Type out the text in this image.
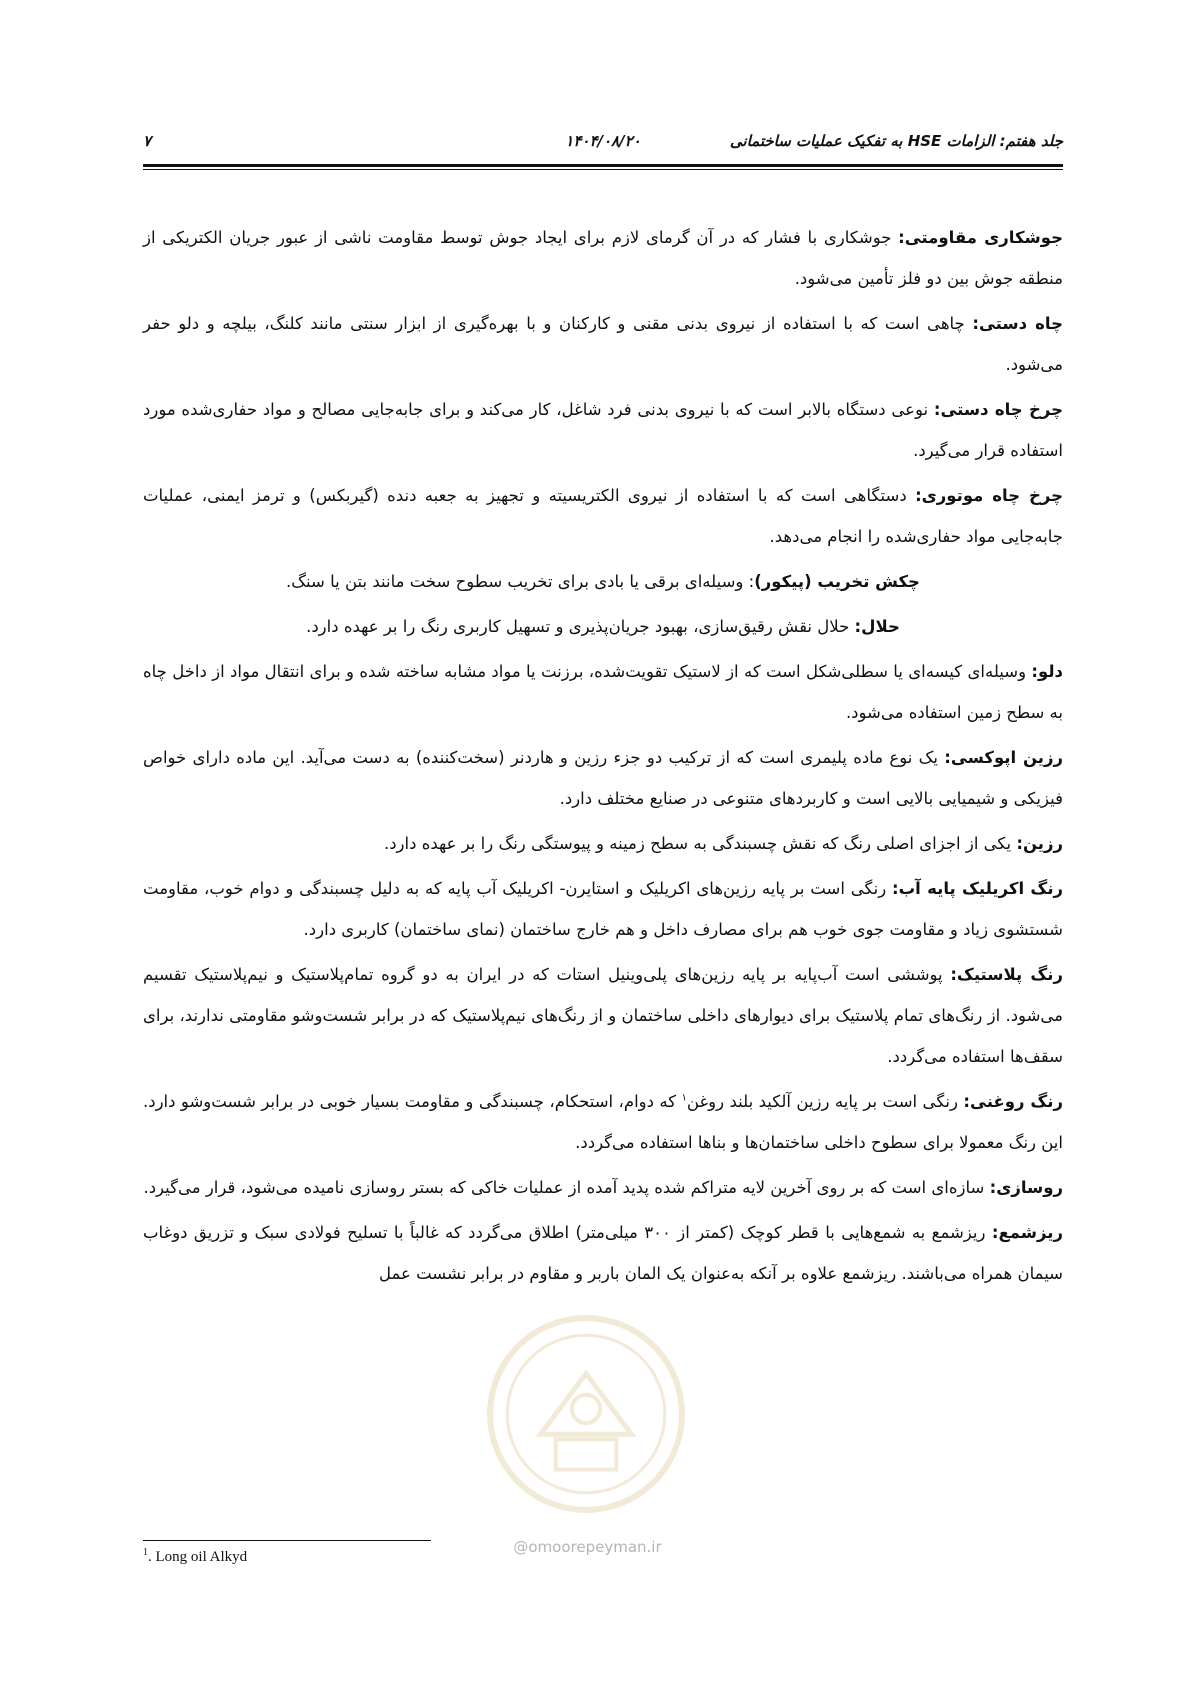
جلد هفتم: الزامات HSE به تفکیک عملیات ساختمانی
۱۴۰۴/۰۸/۲۰
۷
@omoorepeyman.ir

جوشکاری مقاومتی: جوشکاری با فشار که در آن گرمای لازم برای ایجاد جوش توسط مقاومت ناشی از عبور جریان الکتریکی از منطقه جوش بین دو فلز تأمین می‌شود.

چاه دستی: چاهی است که با استفاده از نیروی بدنی مقنی و کارکنان و با بهره‌گیری از ابزار سنتی مانند کلنگ، بیلچه و دلو حفر می‌شود.

چرخ چاه دستی: نوعی دستگاه بالابر است که با نیروی بدنی فرد شاغل، کار می‌کند و برای جابه‌جایی مصالح و مواد حفاری‌شده مورد استفاده قرار می‌گیرد.

چرخ چاه موتوری: دستگاهی است که با استفاده از نیروی الکتریسیته و تجهیز به جعبه دنده (گیربکس) و ترمز ایمنی، عملیات جابه‌جایی مواد حفاری‌شده را انجام می‌دهد.

چکش تخریب (پیکور): وسیله‌ای برقی یا بادی برای تخریب سطوح سخت مانند بتن یا سنگ.

حلال: حلال نقش رقیق‌سازی، بهبود جریان‌پذیری و تسهیل کاربری رنگ را بر عهده دارد.

دلو: وسیله‌ای کیسه‌ای یا سطلی‌شکل است که از لاستیک تقویت‌شده، برزنت یا مواد مشابه ساخته شده و برای انتقال مواد از داخل چاه به سطح زمین استفاده می‌شود.

رزین اپوکسی: یک نوع ماده پلیمری است که از ترکیب دو جزء رزین و هاردنر (سخت‌کننده) به دست می‌آید. این ماده دارای خواص فیزیکی و شیمیایی بالایی است و کاربردهای متنوعی در صنایع مختلف دارد.

رزین: یکی از اجزای اصلی رنگ که نقش چسبندگی به سطح زمینه و پیوستگی رنگ را بر عهده دارد.

رنگ اکریلیک پایه آب: رنگی است بر پایه رزین‌های اکریلیک و استایرن- اکریلیک آب پایه که به دلیل چسبندگی و دوام خوب، مقاومت شستشوی زیاد و مقاومت جوی خوب هم برای مصارف داخل و هم خارج ساختمان (نمای ساختمان) کاربری دارد.

رنگ پلاستیک: پوششی است آب‌پایه بر پایه رزین‌های پلی‌وینیل استات که در ایران به دو گروه تمام‌پلاستیک و نیم‌پلاستیک تقسیم می‌شود. از رنگ‌های تمام پلاستیک برای دیوارهای داخلی ساختمان و از رنگ‌های نیم‌پلاستیک که در برابر شست‌وشو مقاومتی ندارند، برای سقف‌ها استفاده می‌گردد.

رنگ روغنی: رنگی است بر پایه رزین آلکید بلند روغن$^۱$ که دوام، استحکام، چسبندگی و مقاومت بسیار خوبی در برابر شست‌وشو دارد. این رنگ معمولا برای سطوح داخلی ساختمان‌ها و بناها استفاده می‌گردد.

روسازی: سازه‌ای است که بر روی آخرین لایه متراکم شده پدید آمده از عملیات خاکی که بستر روسازی نامیده می‌شود، قرار می‌گیرد.

ریزشمع: ریزشمع به شمع‌هایی با قطر کوچک (کمتر از ۳۰۰ میلی‌متر) اطلاق می‌گردد که غالباً با تسلیح فولادی سبک و تزریق دوغاب سیمان همراه می‌باشند. ریزشمع علاوه بر آنکه به‌عنوان یک المان باربر و مقاوم در برابر نشست عمل

$^1$. Long oil Alkyd
